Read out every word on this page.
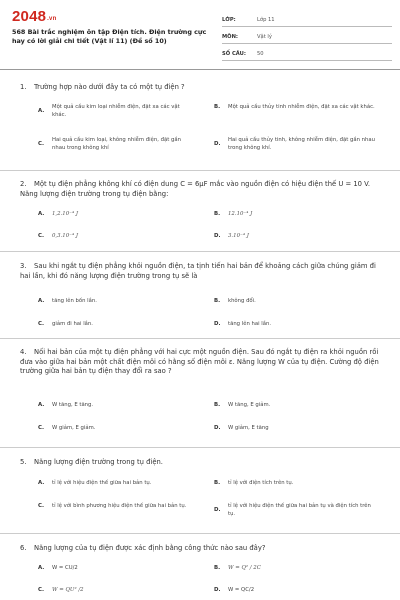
2048.vn
568 Bài trắc nghiệm ôn tập Điện tích. Điện trường cực hay có lời giải chi tiết (Vật lí 11) (Đề số 10)
LỚP:	Lớp 11
MÔN:	Vật lý
SỐ CÂU:	50
1. Trường hợp nào dưới đây ta có một tụ điện ?
A.
Một quả cầu kim loại nhiễm điện, đặt xa các vật khác.
B.	Một quả cầu thủy tinh nhiễm điện, đặt xa các vật khác.
C.
Hai quả cầu kim loại, không nhiễm điện, đặt gần nhau trong không khí
D.
Hai quả cầu thủy tinh, không nhiễm điện, đặt gần nhau trong không khí.
2. Một tụ điện phẳng không khí có điện dung C = 6μF mắc vào nguồn điện có hiệu điện thế U = 10 V. Năng lượng điện trường trong tụ điện bằng:
A.	1,2.10⁻⁴ J	B.	12.10⁻⁴ J
C.	0,3.10⁻⁴ J	D.	3.10⁻⁴ J
3. Sau khi ngắt tụ điện phẳng khỏi nguồn điện, ta tịnh tiến hai bản để khoảng cách giữa chúng giảm đi hai lần, khi đó năng lượng điện trường trong tụ sẽ là
A.	tăng lên bốn lần.	B.	không đổi.
C.	giảm đi hai lần.	D.	tăng lên hai lần.
4. Nối hai bản của một tụ điện phẳng với hai cực một nguồn điện. Sau đó ngắt tụ điện ra khỏi nguồn rồi đưa vào giữa hai bản một chất điện môi có hằng số điện môi ε. Năng lượng W của tụ điện. Cường độ điện trường giữa hai bản tụ điện thay đổi ra sao ?
A.	W tăng, E tăng.	B.	W tăng, E giảm.
C.	W giảm, E giảm.	D.	W giảm, E tăng
5. Năng lượng điện trường trong tụ điện.
A.	tỉ lệ với hiệu điện thế giữa hai bản tụ.	B.	tỉ lệ với điện tích trên tụ.
C.	tỉ lệ với bình phương hiệu điện thế giữa hai bản tụ.
D.
tỉ lệ với hiệu điện thế giữa hai bản tụ và điện tích trên tụ.
6. Năng lượng của tụ điện được xác định bằng công thức nào sau đây?
A.	W = CU/2	B.	W = Q² / 2C
C.	W = QU² /2	D.	W = QC/2
